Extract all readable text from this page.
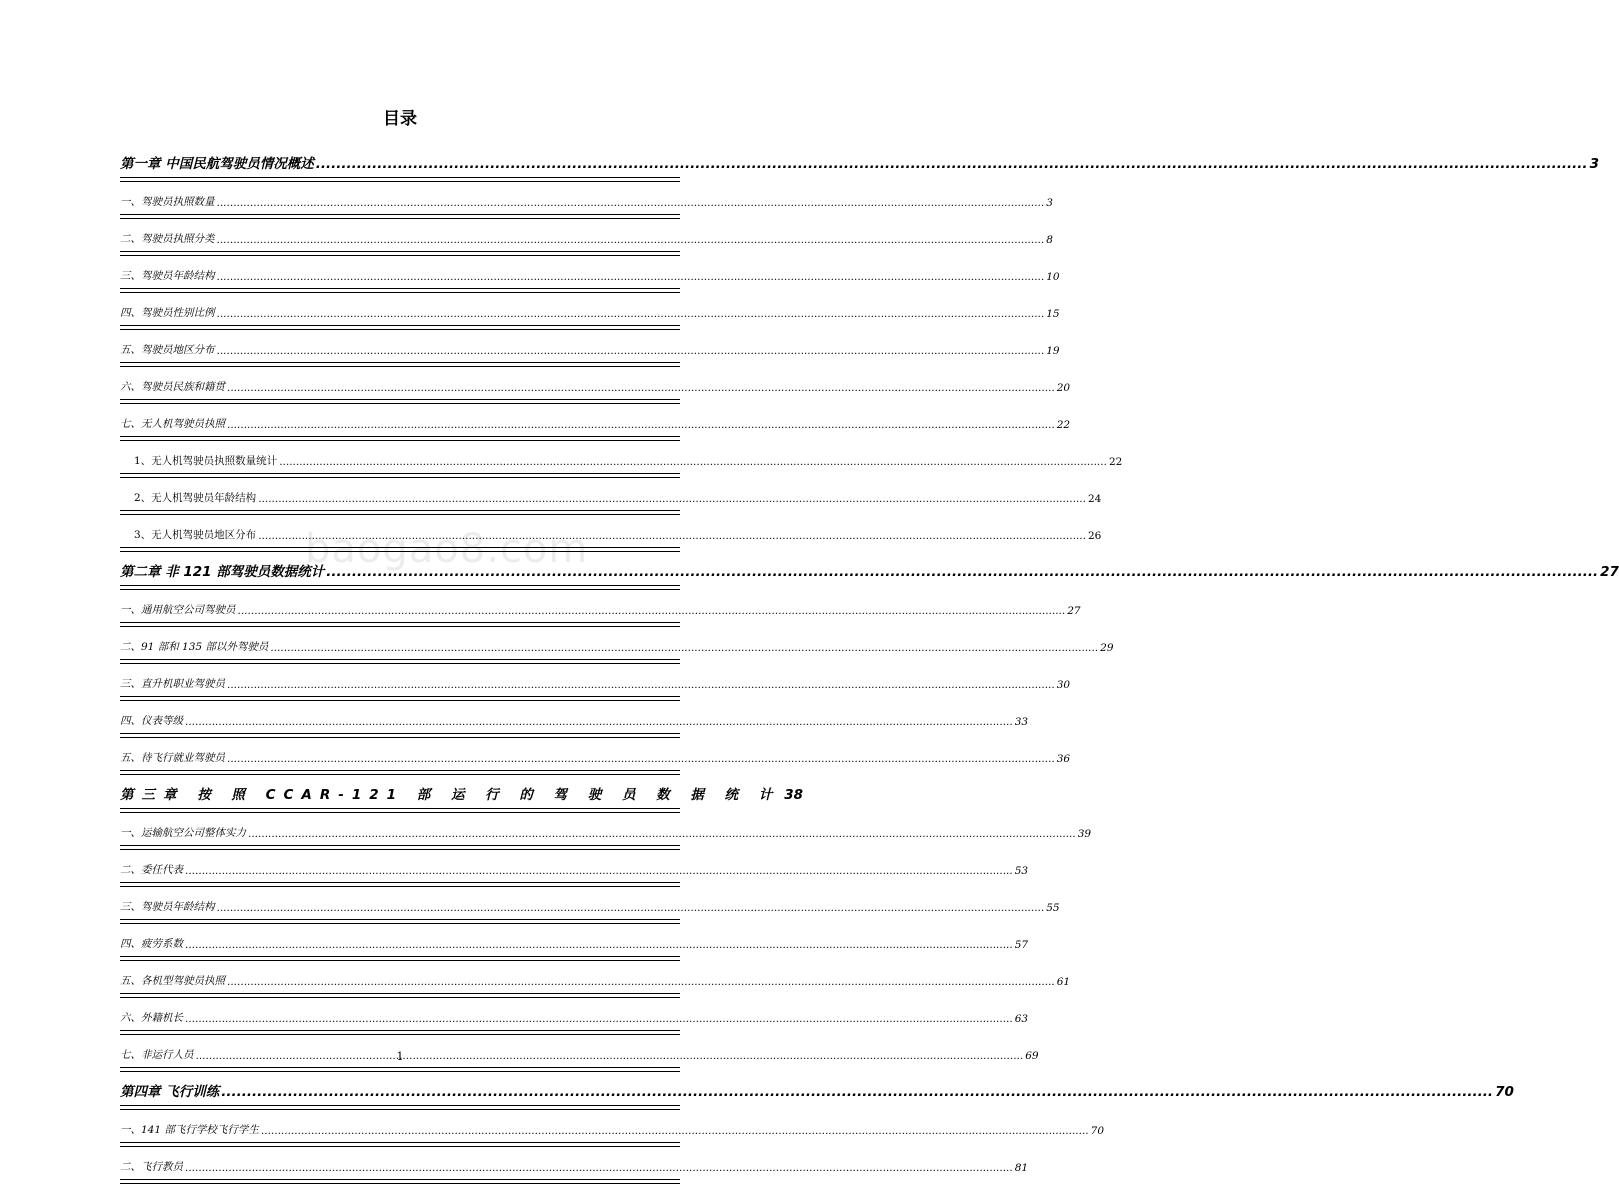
目录
baogao8.com
第一章 中国民航驾驶员情况概述 .....	3
一、驾驶员执照数量 .....	3
二、驾驶员执照分类 .....	8
三、驾驶员年龄结构 .....	10
四、驾驶员性别比例 .....	15
五、驾驶员地区分布 .....	19
六、驾驶员民族和籍贯 .....	20
七、无人机驾驶员执照 .....	22
1、无人机驾驶员执照数量统计 .....	22
2、无人机驾驶员年龄结构 .....	24
3、无人机驾驶员地区分布 .....	26
第二章 非 121 部驾驶员数据统计 .....	27
一、通用航空公司驾驶员 .....	27
二、91 部和 135 部以外驾驶员 .....	29
三、直升机职业驾驶员 .....	30
四、仪表等级 .....	33
五、待飞行就业驾驶员 .....	36
第三章 按 照 CCAR-121 部 运 行 的 驾 驶 员 数 据 统 计 38
一、运输航空公司整体实力 .....	39
二、委任代表 .....	53
三、驾驶员年龄结构 .....	55
四、疲劳系数 .....	57
五、各机型驾驶员执照 .....	61
六、外籍机长 .....	63
七、非运行人员 .....	69
第四章 飞行训练 .....	70
一、141 部飞行学校飞行学生 .....	70
二、飞行教员 .....	81
1
